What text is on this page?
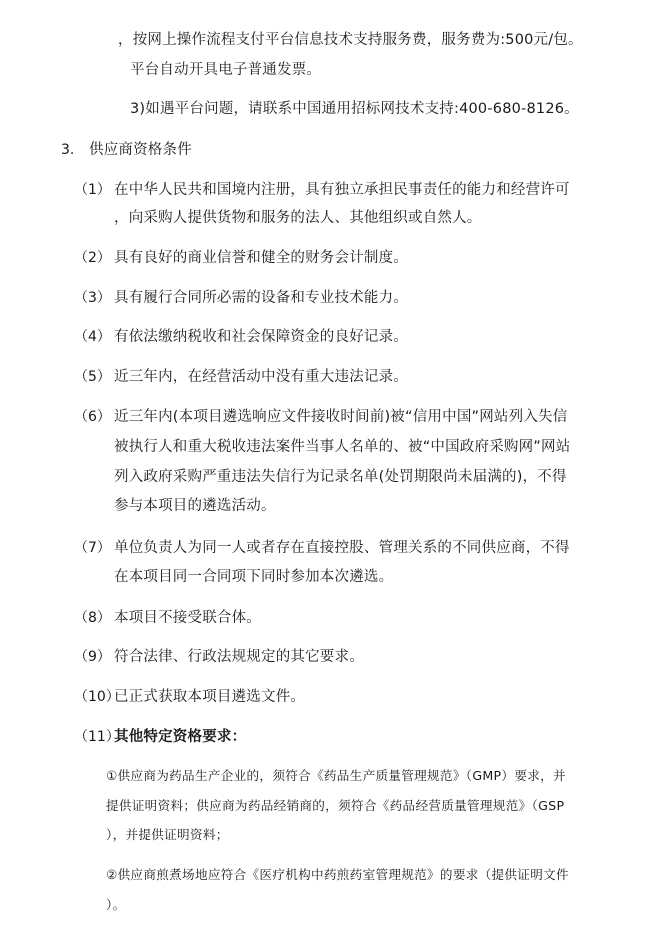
，按网上操作流程支付平台信息技术支持服务费，服务费为:500元/包。
平台自动开具电子普通发票。
3)如遇平台问题，请联系中国通用招标网技术支持:400-680-8126。
3. 供应商资格条件
（1） 在中华人民共和国境内注册，具有独立承担民事责任的能力和经营许可
，向采购人提供货物和服务的法人、其他组织或自然人。
（2） 具有良好的商业信誉和健全的财务会计制度。
（3） 具有履行合同所必需的设备和专业技术能力。
（4） 有依法缴纳税收和社会保障资金的良好记录。
（5） 近三年内，在经营活动中没有重大违法记录。
（6） 近三年内(本项目遴选响应文件接收时间前)被“信用中国”网站列入失信
被执行人和重大税收违法案件当事人名单的、被“中国政府采购网”网站
列入政府采购严重违法失信行为记录名单(处罚期限尚未届满的)，不得
参与本项目的遴选活动。
（7） 单位负责人为同一人或者存在直接控股、管理关系的不同供应商，不得
在本项目同一合同项下同时参加本次遴选。
（8） 本项目不接受联合体。
（9） 符合法律、行政法规规定的其它要求。
（10）
已正式获取本项目遴选文件。
（11）
其他特定资格要求：
①供应商为药品生产企业的，须符合《药品生产质量管理规范》（GMP）要求，并
提供证明资料；供应商为药品经销商的，须符合《药品经营质量管理规范》（GSP
），并提供证明资料；
②供应商煎煮场地应符合《医疗机构中药煎药室管理规范》的要求（提供证明文件
）。
